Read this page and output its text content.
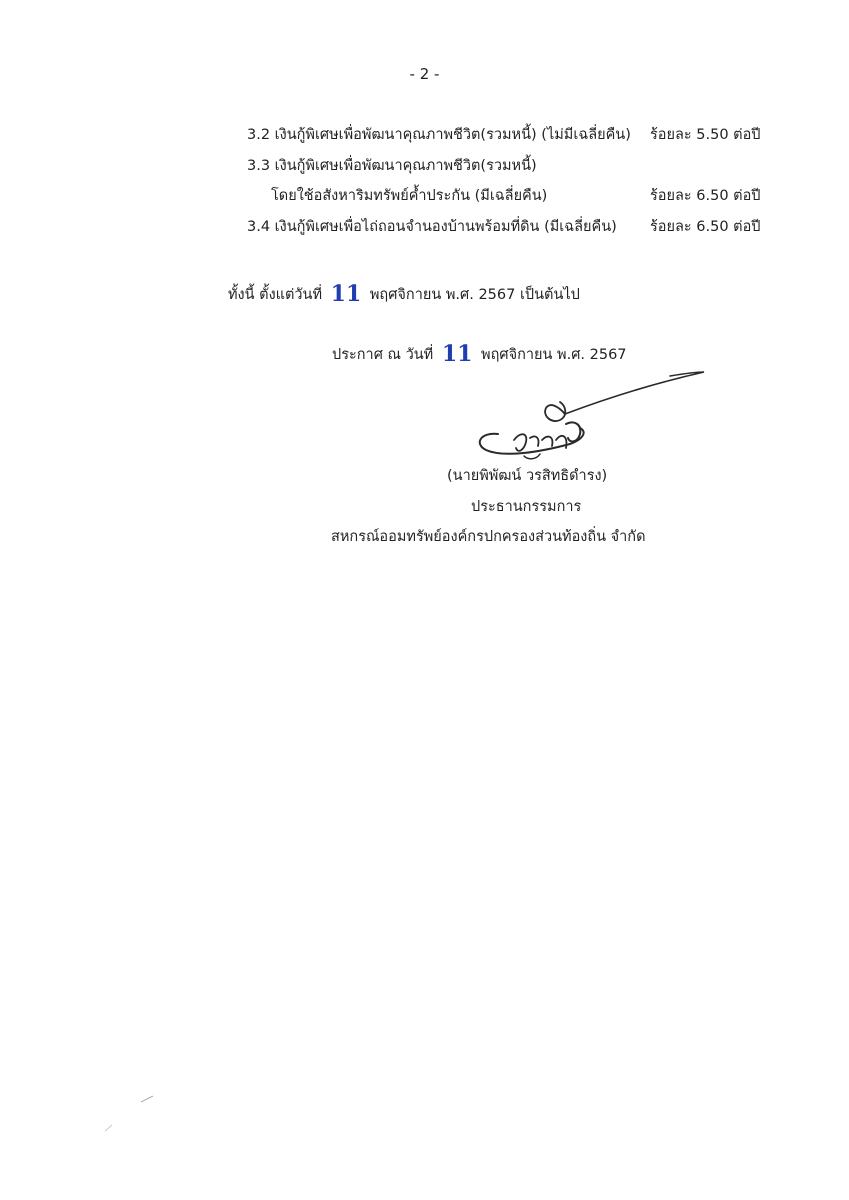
- 2 -
3.2 เงินกู้พิเศษเพื่อพัฒนาคุณภาพชีวิต(รวมหนี้) (ไม่มีเฉลี่ยคืน) ร้อยละ 5.50 ต่อปี
3.3 เงินกู้พิเศษเพื่อพัฒนาคุณภาพชีวิต(รวมหนี้)
โดยใช้อสังหาริมทรัพย์ค้ำประกัน (มีเฉลี่ยคืน)	ร้อยละ 6.50 ต่อปี
3.4 เงินกู้พิเศษเพื่อไถ่ถอนจำนองบ้านพร้อมที่ดิน (มีเฉลี่ยคืน) ร้อยละ 6.50 ต่อปี
ทั้งนี้ ตั้งแต่วันที่ 11 พฤศจิกายน พ.ศ. 2567 เป็นต้นไป
ประกาศ ณ วันที่ 11 พฤศจิกายน พ.ศ. 2567
(นายพิพัฒน์ วรสิทธิดำรง)
ประธานกรรมการ
สหกรณ์ออมทรัพย์องค์กรปกครองส่วนท้องถิ่น จำกัด
